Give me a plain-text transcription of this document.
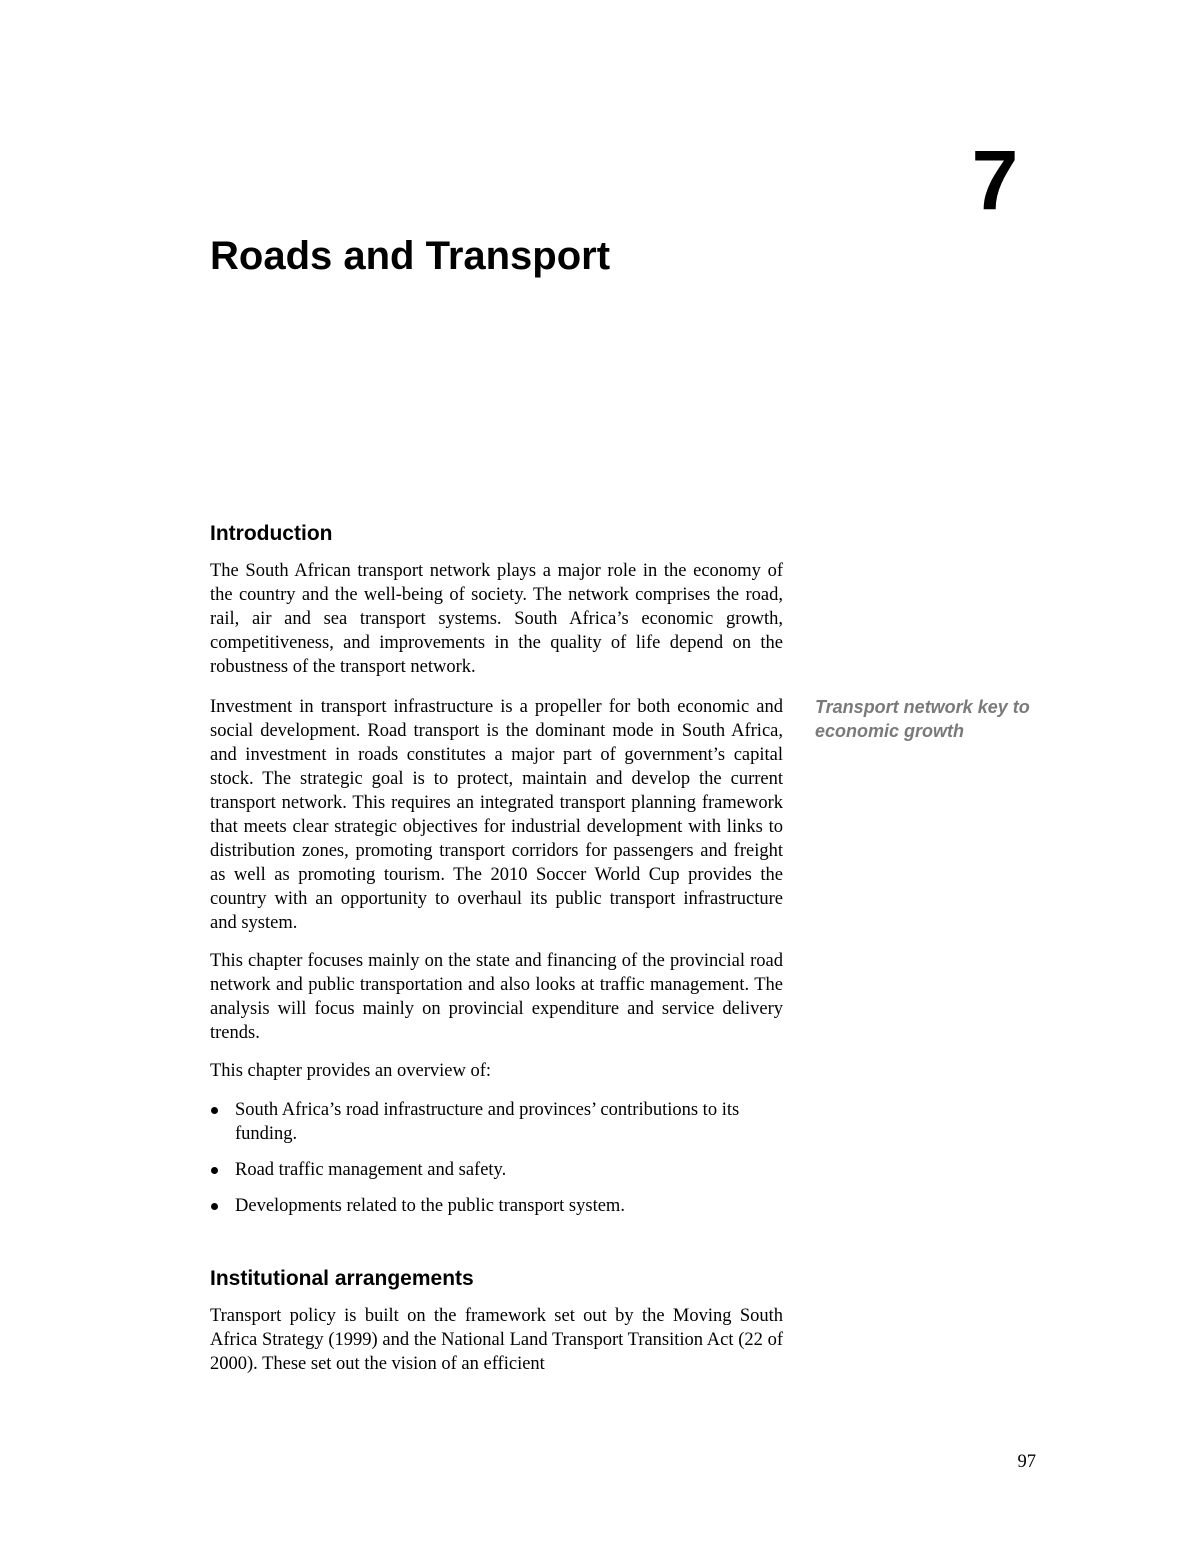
7
Roads and Transport
Introduction

The South African transport network plays a major role in the economy of the country and the well-being of society. The network comprises the road, rail, air and sea transport systems. South Africa’s economic growth, competitiveness, and improvements in the quality of life depend on the robustness of the transport network.

Investment in transport infrastructure is a propeller for both economic and social development. Road transport is the dominant mode in South Africa, and investment in roads constitutes a major part of government’s capital stock. The strategic goal is to protect, maintain and develop the current transport network. This requires an integrated transport planning framework that meets clear strategic objectives for industrial development with links to distribution zones, promoting transport corridors for passengers and freight as well as promoting tourism. The 2010 Soccer World Cup provides the country with an opportunity to overhaul its public transport infrastructure and system.

This chapter focuses mainly on the state and financing of the provincial road network and public transportation and also looks at traffic management. The analysis will focus mainly on provincial expenditure and service delivery trends.

This chapter provides an overview of:

South Africa’s road infrastructure and provinces’ contributions to its funding.
Road traffic management and safety.
Developments related to the public transport system.
Transport network key to economic growth
Institutional arrangements

Transport policy is built on the framework set out by the Moving South Africa Strategy (1999) and the National Land Transport Transition Act (22 of 2000). These set out the vision of an efficient

97
